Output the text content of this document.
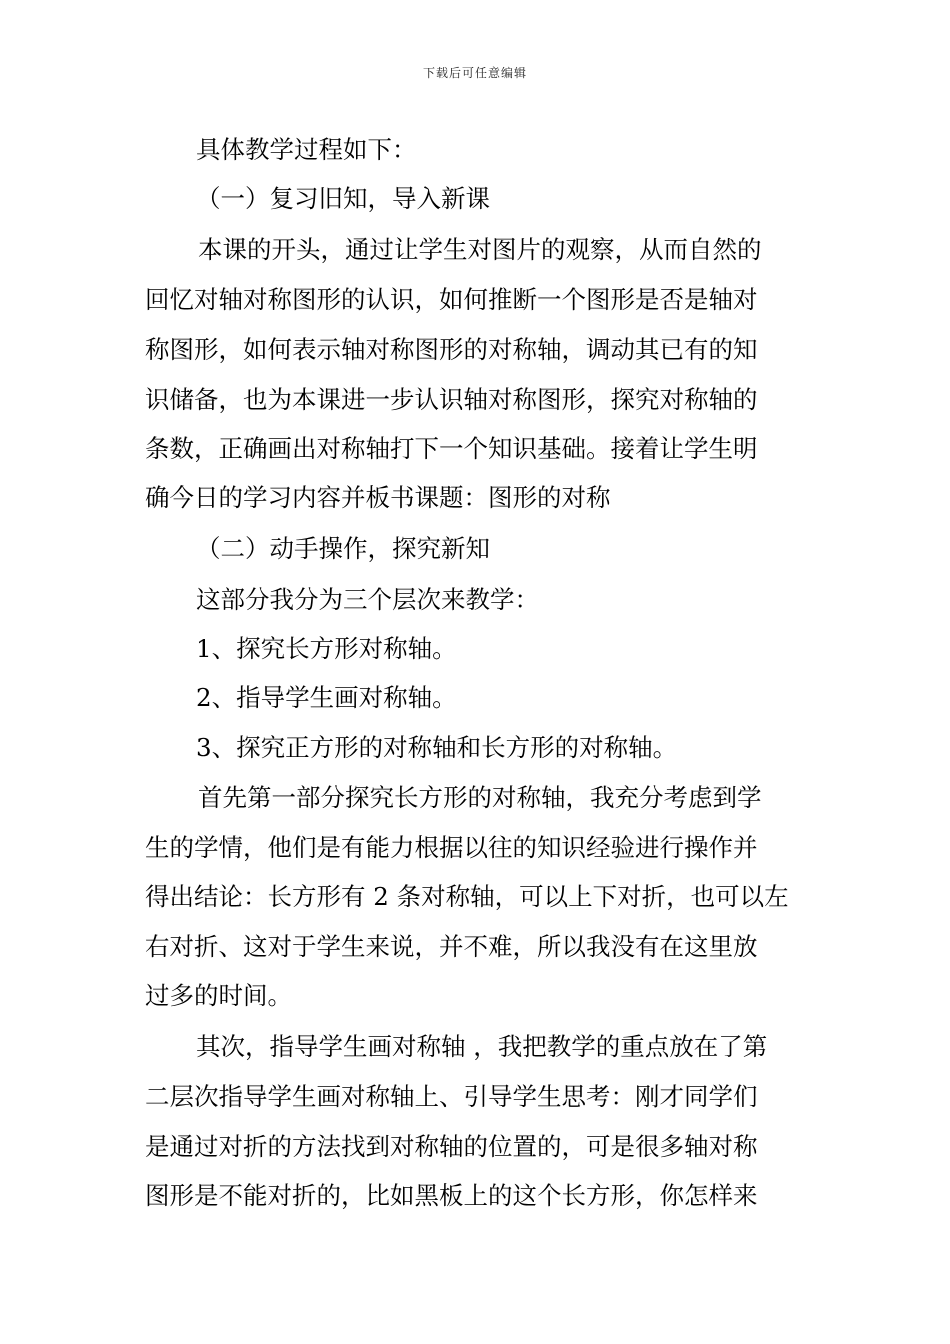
下载后可任意编辑
具体教学过程如下：
（一）复习旧知，导入新课
本课的开头，通过让学生对图片的观察，从而自然的
回忆对轴对称图形的认识，如何推断一个图形是否是轴对
称图形，如何表示轴对称图形的对称轴，调动其已有的知
识储备，也为本课进一步认识轴对称图形，探究对称轴的
条数，正确画出对称轴打下一个知识基础。接着让学生明
确今日的学习内容并板书课题：图形的对称
（二）动手操作，探究新知
这部分我分为三个层次来教学：
1、探究长方形对称轴。
2、指导学生画对称轴。
3、探究正方形的对称轴和长方形的对称轴。
首先第一部分探究长方形的对称轴，我充分考虑到学
生的学情，他们是有能力根据以往的知识经验进行操作并
得出结论：长方形有 2 条对称轴，可以上下对折，也可以左
右对折、这对于学生来说，并不难，所以我没有在这里放
过多的时间。
其次，指导学生画对称轴 ，我把教学的重点放在了第
二层次指导学生画对称轴上、引导学生思考：刚才同学们
是通过对折的方法找到对称轴的位置的，可是很多轴对称
图形是不能对折的，比如黑板上的这个长方形，你怎样来
